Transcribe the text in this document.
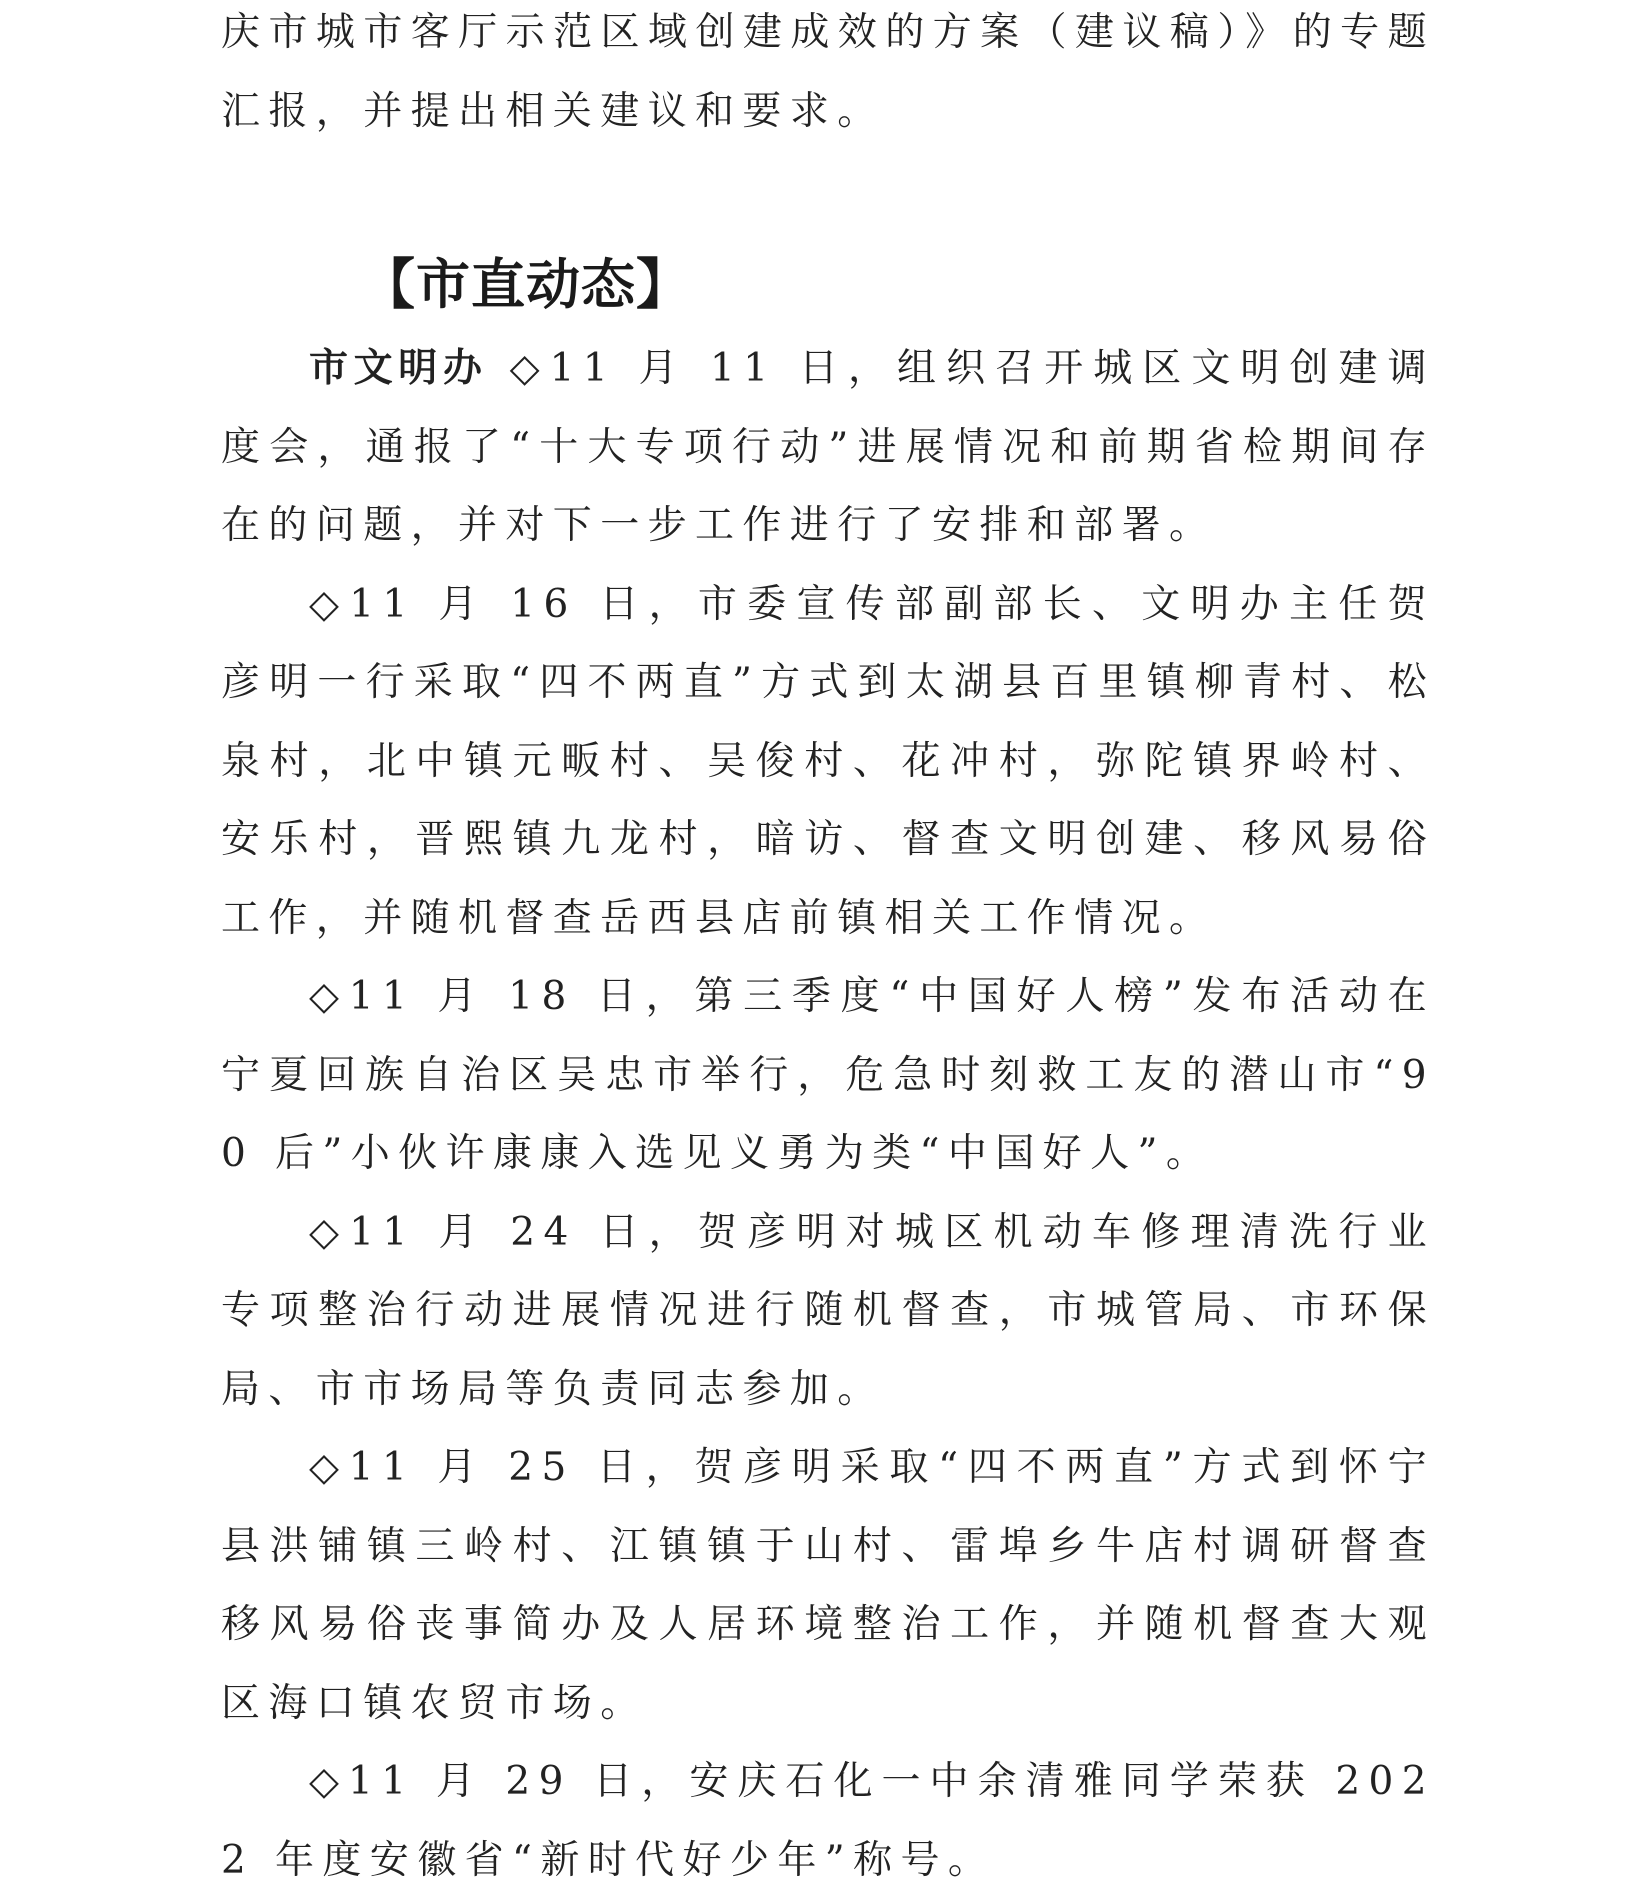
庆市城市客厅示范区域创建成效的方案（建议稿）》的专题汇报，并提出相关建议和要求。

【市直动态】

市文明办 ◇11 月 11 日，组织召开城区文明创建调度会，通报了“十大专项行动”进展情况和前期省检期间存在的问题，并对下一步工作进行了安排和部署。

◇11 月 16 日，市委宣传部副部长、文明办主任贺彦明一行采取“四不两直”方式到太湖县百里镇柳青村、松泉村，北中镇元畈村、吴俊村、花冲村，弥陀镇界岭村、安乐村，晋熙镇九龙村，暗访、督查文明创建、移风易俗工作，并随机督查岳西县店前镇相关工作情况。

◇11 月 18 日，第三季度“中国好人榜”发布活动在宁夏回族自治区吴忠市举行，危急时刻救工友的潜山市“90 后”小伙许康康入选见义勇为类“中国好人”。

◇11 月 24 日，贺彦明对城区机动车修理清洗行业专项整治行动进展情况进行随机督查，市城管局、市环保局、市市场局等负责同志参加。

◇11 月 25 日，贺彦明采取“四不两直”方式到怀宁县洪铺镇三岭村、江镇镇于山村、雷埠乡牛店村调研督查移风易俗丧事简办及人居环境整治工作，并随机督查大观区海口镇农贸市场。

◇11 月 29 日，安庆石化一中余清雅同学荣获 2022 年度安徽省“新时代好少年”称号。
